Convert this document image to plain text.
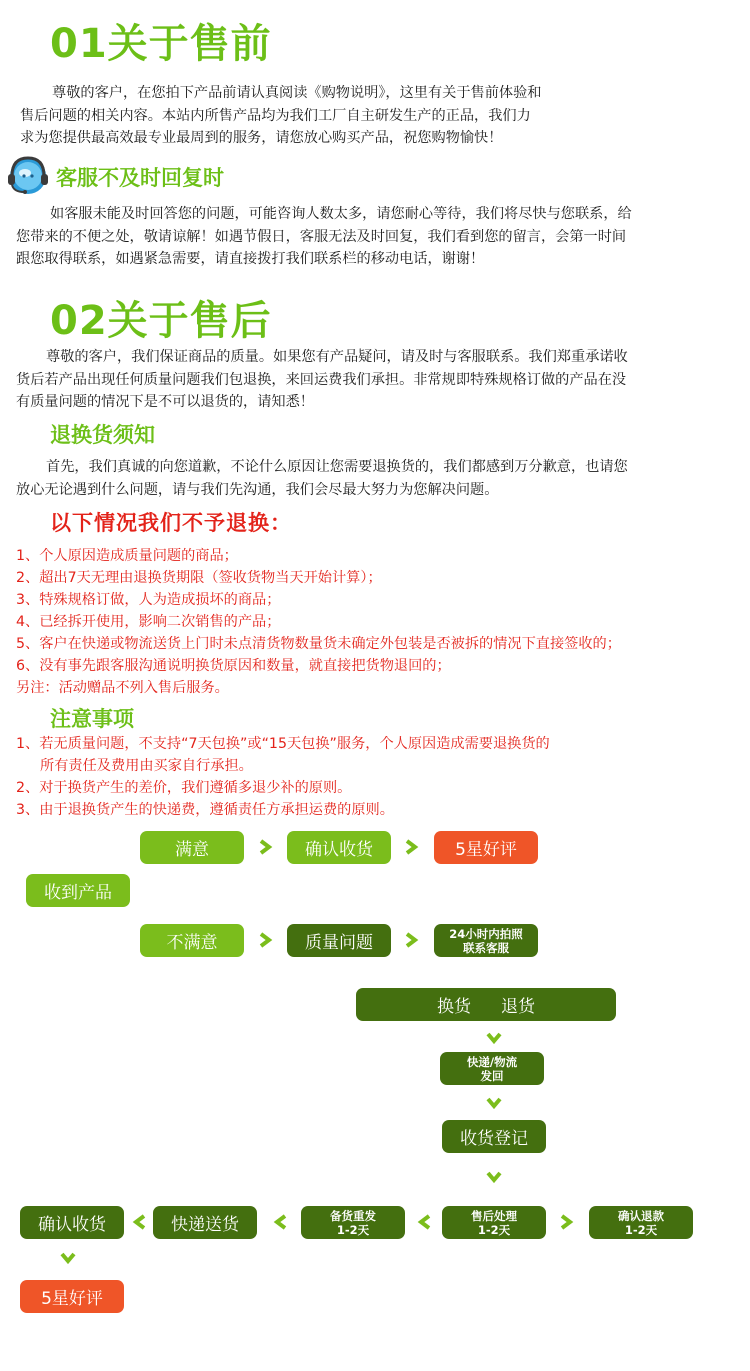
01关于售前
尊敬的客户，在您拍下产品前请认真阅读《购物说明》，这里有关于售前体验和
售后问题的相关内容。本站内所售产品均为我们工厂自主研发生产的正品，我们力
求为您提供最高效最专业最周到的服务，请您放心购买产品，祝您购物愉快！
客服不及时回复时
如客服未能及时回答您的问题，可能咨询人数太多，请您耐心等待，我们将尽快与您联系，给
您带来的不便之处，敬请谅解！如遇节假日，客服无法及时回复，我们看到您的留言，会第一时间
跟您取得联系，如遇紧急需要，请直接拨打我们联系栏的移动电话，谢谢！
02关于售后
尊敬的客户，我们保证商品的质量。如果您有产品疑问，请及时与客服联系。我们郑重承诺收
货后若产品出现任何质量问题我们包退换，来回运费我们承担。非常规即特殊规格订做的产品在没
有质量问题的情况下是不可以退货的，请知悉！
退换货须知
首先，我们真诚的向您道歉，不论什么原因让您需要退换货的，我们都感到万分歉意，也请您
放心无论遇到什么问题，请与我们先沟通，我们会尽最大努力为您解决问题。
以下情况我们不予退换：
1、个人原因造成质量问题的商品；
2、超出7天无理由退换货期限（签收货物当天开始计算）；
3、特殊规格订做，人为造成损坏的商品；
4、已经拆开使用，影响二次销售的产品；
5、客户在快递或物流送货上门时未点清货物数量货未确定外包装是否被拆的情况下直接签收的；
6、没有事先跟客服沟通说明换货原因和数量，就直接把货物退回的；
另注：活动赠品不列入售后服务。
注意事项
1、若无质量问题，不支持“7天包换”或“15天包换”服务，个人原因造成需要退换货的
所有责任及费用由买家自行承担。
2、对于换货产生的差价，我们遵循多退少补的原则。
3、由于退换货产生的快递费，遵循责任方承担运费的原则。
满意	确认收货	5星好评
收到产品
不满意	质量问题	24小时内拍照
联系客服
换货 退货
快递/物流
发回
收货登记
确认收货	快递送货	备货重发
1-2天
售后处理
1-2天
确认退款
1-2天
5星好评
